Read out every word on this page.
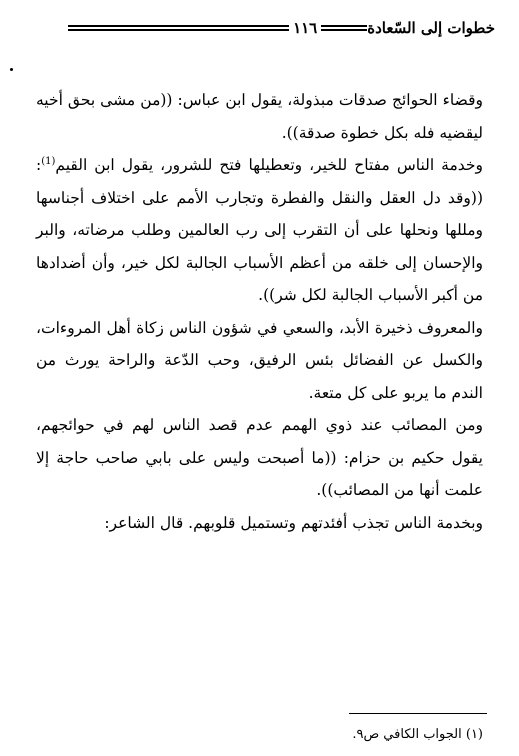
خطوات إلى السّعادة
١١٦

وقضاء الحوائج صدقات مبذولة، يقول ابن عباس: ((من مشى بحق أخيه ليقضيه فله بكل خطوة صدقة)).

وخدمة الناس مفتاح للخير، وتعطيلها فتح للشرور، يقول ابن القيم$^{(1)}$: ((وقد دل العقل والنقل والفطرة وتجارب الأمم على اختلاف أجناسها ومللها ونحلها على أن التقرب إلى رب العالمين وطلب مرضاته، والبر والإحسان إلى خلقه من أعظم الأسباب الجالبة لكل خير، وأن أضدادها من أكبر الأسباب الجالبة لكل شر)).

والمعروف ذخيرة الأبد، والسعي في شؤون الناس زكاة أهل المروءات، والكسل عن الفضائل بئس الرفيق، وحب الدّعة والراحة يورث من الندم ما يربو على كل متعة.

ومن المصائب عند ذوي الهمم عدم قصد الناس لهم في حوائجهم، يقول حكيم بن حزام: ((ما أصبحت وليس على بابي صاحب حاجة إلا علمت أنها من المصائب)).

وبخدمة الناس تجذب أفئدتهم وتستميل قلوبهم. قال الشاعر:

(١) الجواب الكافي ص٩.
